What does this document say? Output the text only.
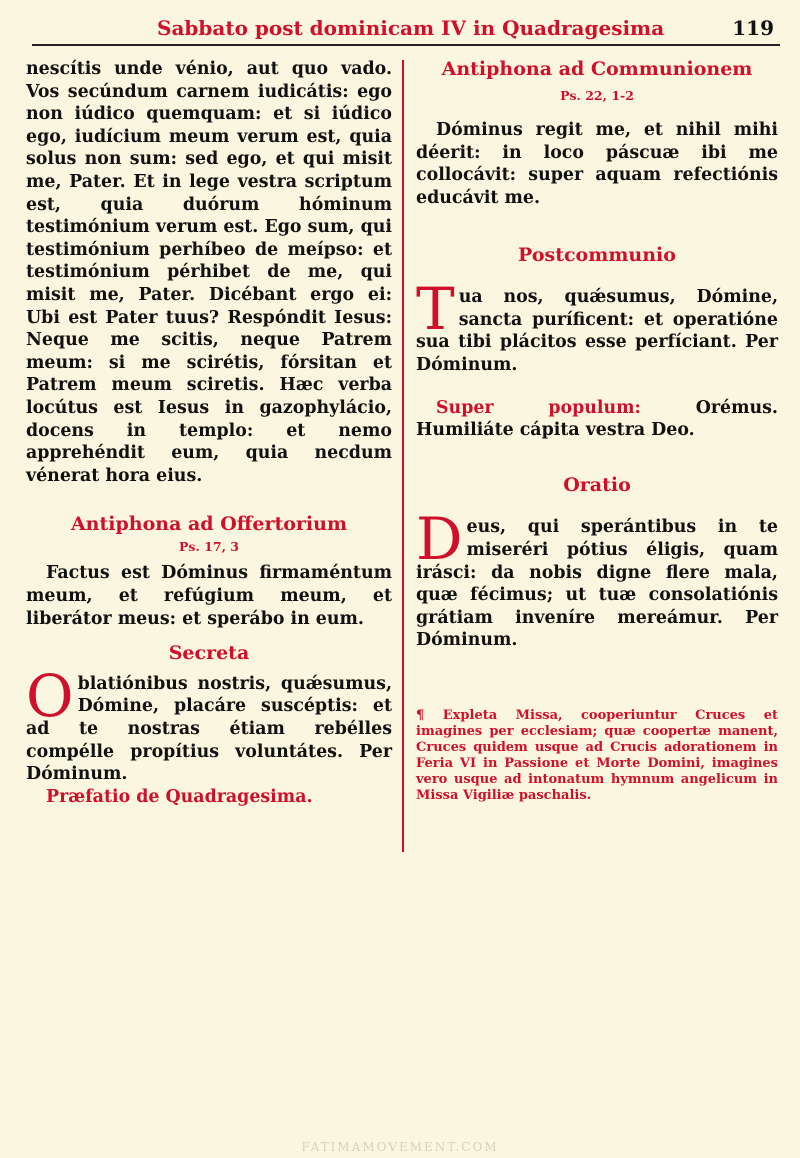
Sabbato post dominicam IV in Quadragesima	119

nescítis unde vénio, aut quo vado. Vos secúndum carnem iudicátis: ego non iúdico quemquam: et si iúdico ego, iudícium meum verum est, quia solus non sum: sed ego, et qui misit me, Pater. Et in lege vestra scriptum est, quia duórum hóminum testimónium verum est. Ego sum, qui testimónium perhíbeo de meípso: et testimónium pérhibet de me, qui misit me, Pater. Dicébant ergo ei: Ubi est Pater tuus? Respóndit Iesus: Neque me scitis, neque Patrem meum: si me scirétis, fórsitan et Patrem meum sciretis. Hæc verba locútus est Iesus in gazophylácio, docens in templo: et nemo apprehéndit eum, quia necdum vénerat hora eius.

Antiphona ad Offertorium

Ps. 17, 3

Factus est Dóminus firmaméntum meum, et refúgium meum, et liberátor meus: et sperábo in eum.

Secreta

Oblatiónibus nostris, quǽsumus, Dómine, placáre suscéptis: et ad te nostras étiam rebélles compélle propítius voluntátes. Per Dóminum.

Præfatio de Quadragesima.

Antiphona ad Communionem

Ps. 22, 1-2

Dóminus regit me, et nihil mihi déerit: in loco páscuæ ibi me collocávit: super aquam refectiónis educávit me.

Postcommunio

Tua nos, quǽsumus, Dómine, sancta puríficent: et operatióne sua tibi plácitos esse perfíciant. Per Dóminum.

Super populum:	Orémus. Humiliáte cápita vestra Deo.

Oratio

Deus, qui sperántibus in te miseréri pótius éligis, quam irásci: da nobis digne flere mala, quæ fécimus; ut tuæ consolatiónis grátiam inveníre mereámur. Per Dóminum.

¶ Expleta Missa, cooperiuntur Cruces et imagines per ecclesiam; quæ coopertæ manent, Cruces quidem usque ad Crucis adorationem in Feria VI in Passione et Morte Domini, imagines vero usque ad intonatum hymnum angelicum in Missa Vigiliæ paschalis.

FATIMAMOVEMENT.COM
